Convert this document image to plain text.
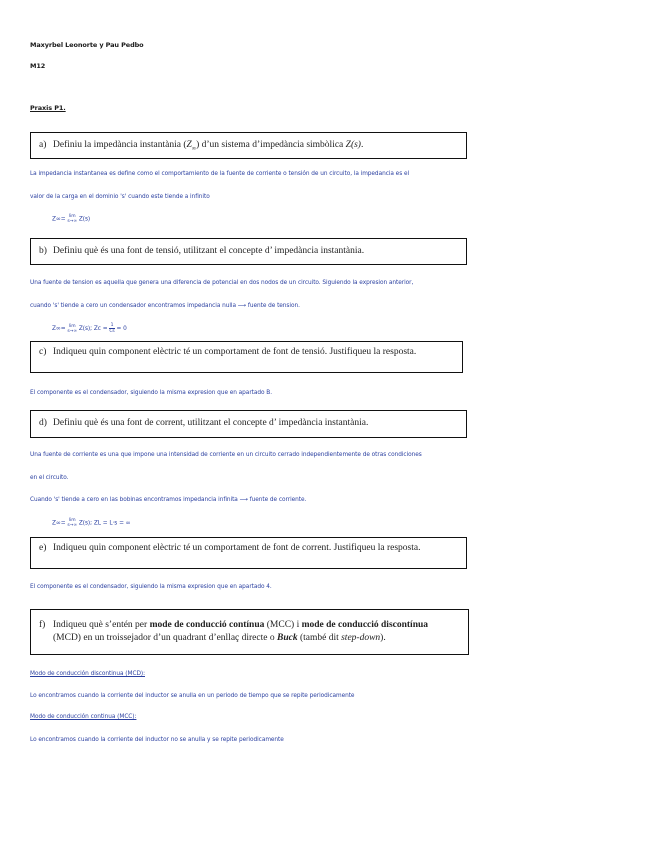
Maxyrbel Leonorte y Pau Pedbo
M12
Praxis P1.
a) Definiu la impedància instantània $(Z_\infty)$ d’un sistema d’impedància simbòlica Z(s).
La impedancia instantanea es define como el comportamiento de la fuente de corriente o tensión de un circuito, la impedancia es el
valor de la carga en el dominio 's' cuando este tiende a infinito
Z∞= lim
s→∞ Z(s)
b) Definiu què és una font de tensió, utilitzant el concepte d’ impedància instantània.
Una fuente de tension es aquella que genera una diferencia de potencial en dos nodos de un circuito. Siguiendo la expresion anterior,
cuando 's' tiende a cero un condensador encontramos impedancia nulla ⟶ fuente de tension.
Z∞= lim
s→∞ Z(s); $Zc = \frac{1}{Cs} = 0$
c) Indiqueu quin component elèctric té un comportament de font de tensió. Justifiqueu la resposta.
El componente es el condensador, siguiendo la misma expresion que en apartado B.
d) Definiu què és una font de corrent, utilitzant el concepte d’ impedància instantània.
Una fuente de corriente es una que impone una intensidad de corriente en un circuito cerrado independientemente de otras condiciones
en el circuito.
Cuando 's' tiende a cero en las bobinas encontramos impedancia infinita ⟶ fuente de corriente.
Z∞= lim
s→∞ Z(s); ZL = L·s = ∞
e) Indiqueu quin component elèctric té un comportament de font de corrent. Justifiqueu la resposta.
El componente es el condensador, siguiendo la misma expresion que en apartado 4.
f) Indiqueu què s’entén per mode de conducció contínua (MCC) i mode de conducció discontínua (MCD) en un troissejador d’un quadrant d’enllaç directe o Buck (també dit step-down).
Modo de conducción discontinua (MCD):
Lo encontramos cuando la corriente del inductor se anulla en un periodo de tiempo que se repite periodicamente
Modo de conducción continua (MCC):
Lo encontramos cuando la corriente del inductor no se anulla y se repite periodicamente
